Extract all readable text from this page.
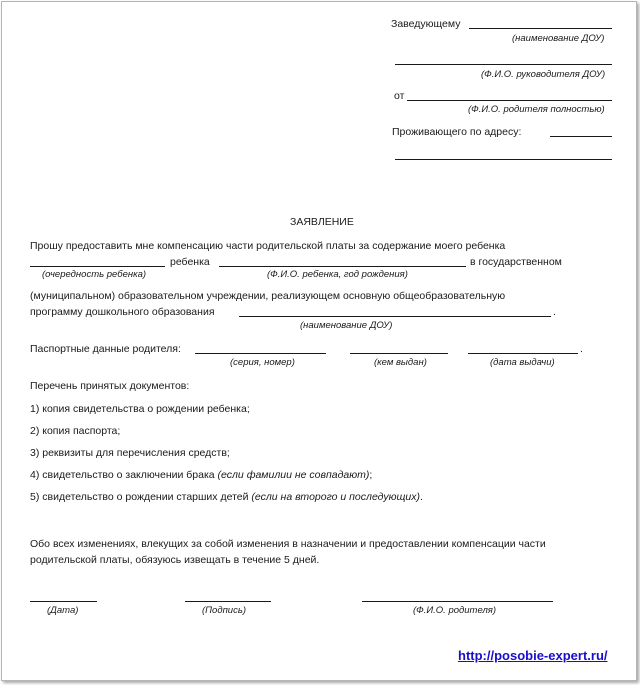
Заведующему
(наименование ДОУ)
(Ф.И.О. руководителя ДОУ)
от
(Ф.И.О. родителя полностью)
Проживающего по адресу:
ЗАЯВЛЕНИЕ
Прошу предоставить мне компенсацию части родительской платы за содержание моего ребенка
ребенка	в государственном
(очередность ребенка)	(Ф.И.О. ребенка, год рождения)
(муниципальном) образовательном учреждении, реализующем основную общеобразовательную
программу дошкольного образования	.
(наименование ДОУ)
Паспортные данные родителя:	.
(серия, номер)	(кем выдан)	(дата выдачи)
Перечень принятых документов:
1) копия свидетельства о рождении ребенка;
2) копия паспорта;
3) реквизиты для перечисления средств;
4) свидетельство о заключении брака (если фамилии не совпадают);
5) свидетельство о рождении старших детей (если на второго и последующих).
Обо всех изменениях, влекущих за собой изменения в назначении и предоставлении компенсации части
родительской платы, обязуюсь извещать в течение 5 дней.
(Дата)	(Подпись)	(Ф.И.О. родителя)
http://posobie-expert.ru/
